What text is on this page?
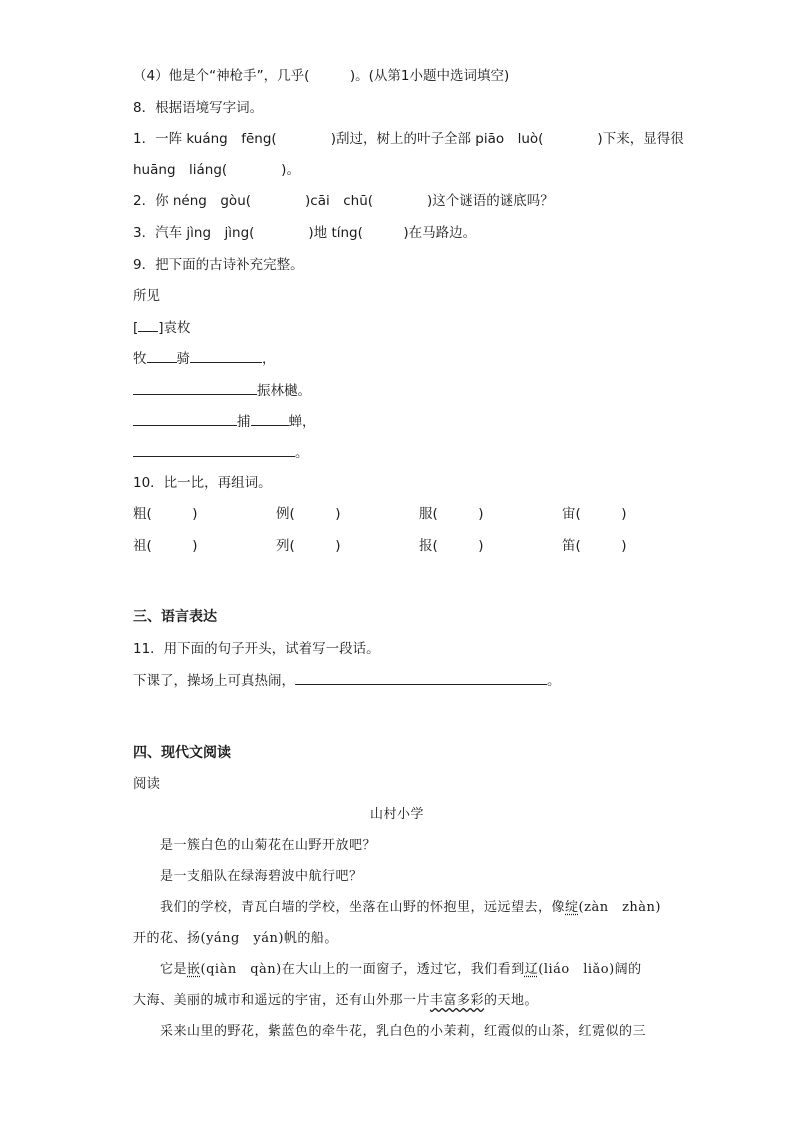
（4）他是个“神枪手”，几乎(　　　)。(从第1小题中选词填空)
8．根据语境写字词。
1．一阵 kuáng　fēng(　　　　)刮过，树上的叶子全部 piāo　luò(　　　　)下来，显得很
huāng　liáng(　　　　)。
2．你 néng　gòu(　　　　)cāi　chū(　　　　)这个谜语的谜底吗？
3．汽车 jìng　jìng(　　　　)地 tíng(　　　)在马路边。
9．把下面的古诗补充完整。
所见
[ ]袁枚
牧 骑	，
振林樾。
捕	蝉，
。
10．比一比，再组词。
粗(　　　)	例(　　　)	服(　　　)	宙(　　　)
祖(　　　)	列(　　　)	报(　　　)	笛(　　　)
三、语言表达
11．用下面的句子开头，试着写一段话。
下课了，操场上可真热闹，	。
四、现代文阅读
阅读
山村小学
是一簇白色的山菊花在山野开放吧？
是一支船队在绿海碧波中航行吧？
我们的学校，青瓦白墙的学校，坐落在山野的怀抱里，远远望去，像绽(zàn　zhàn)
开的花、扬(yáng　yán)帆的船。
它是嵌(qiàn　qàn)在大山上的一面窗子，透过它，我们看到辽(liáo　liǎo)阔的
大海、美丽的城市和遥远的宇宙，还有山外那一片丰富多彩的天地。
采来山里的野花，紫蓝色的牵牛花，乳白色的小茉莉，红霞似的山茶，红霓似的三
